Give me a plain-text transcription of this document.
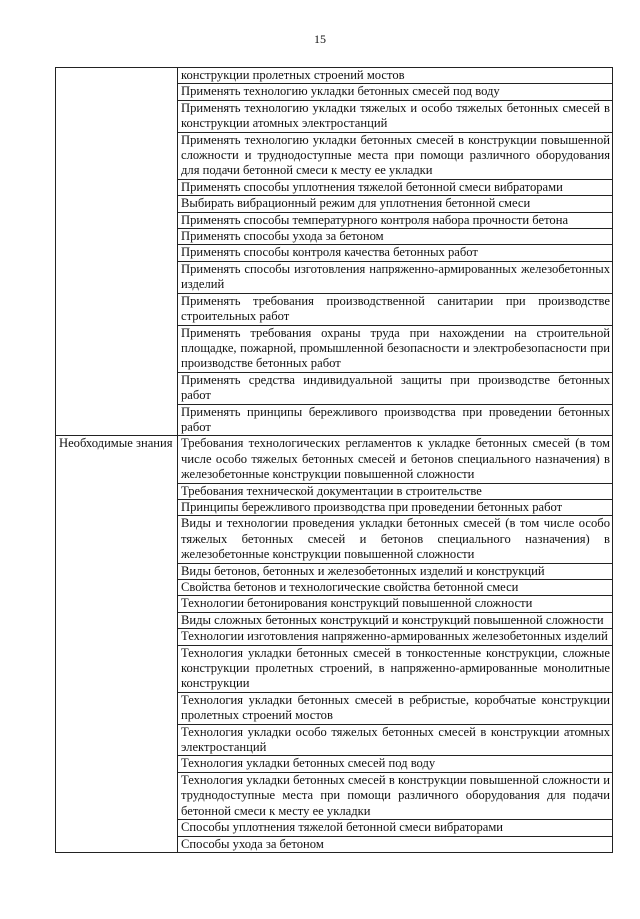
15

	конструкции пролетных строений мостов

	Применять технологию укладки бетонных смесей под воду

	Применять технологию укладки тяжелых и особо тяжелых бетонных смесей в конструкции атомных электростанций

	Применять технологию укладки бетонных смесей в конструкции повышенной сложности и труднодоступные места при помощи различного оборудования для подачи бетонной смеси к месту ее укладки

	Применять способы уплотнения тяжелой бетонной смеси вибраторами

	Выбирать вибрационный режим для уплотнения бетонной смеси

	Применять способы температурного контроля набора прочности бетона

	Применять способы ухода за бетоном

	Применять способы контроля качества бетонных работ

	Применять способы изготовления напряженно-армированных железобетонных изделий

	Применять требования производственной санитарии при производстве строительных работ

	Применять требования охраны труда при нахождении на строительной площадке, пожарной, промышленной безопасности и электробезопасности при производстве бетонных работ

	Применять средства индивидуальной защиты при производстве бетонных работ

	Применять принципы бережливого производства при проведении бетонных работ

Необходимые знания	Требования технологических регламентов к укладке бетонных смесей (в том числе особо тяжелых бетонных смесей и бетонов специального назначения) в железобетонные конструкции повышенной сложности

	Требования технической документации в строительстве

	Принципы бережливого производства при проведении бетонных работ

	Виды и технологии проведения укладки бетонных смесей (в том числе особо тяжелых бетонных смесей и бетонов специального назначения) в железобетонные конструкции повышенной сложности

	Виды бетонов, бетонных и железобетонных изделий и конструкций

	Свойства бетонов и технологические свойства бетонной смеси

	Технологии бетонирования конструкций повышенной сложности

	Виды сложных бетонных конструкций и конструкций повышенной сложности

	Технологии изготовления напряженно-армированных железобетонных изделий

	Технология укладки бетонных смесей в тонкостенные конструкции, сложные конструкции пролетных строений, в напряженно-армированные монолитные конструкции

	Технология укладки бетонных смесей в ребристые, коробчатые конструкции пролетных строений мостов

	Технология укладки особо тяжелых бетонных смесей в конструкции атомных электростанций

	Технология укладки бетонных смесей под воду

	Технология укладки бетонных смесей в конструкции повышенной сложности и труднодоступные места при помощи различного оборудования для подачи бетонной смеси к месту ее укладки

	Способы уплотнения тяжелой бетонной смеси вибраторами

	Способы ухода за бетоном
